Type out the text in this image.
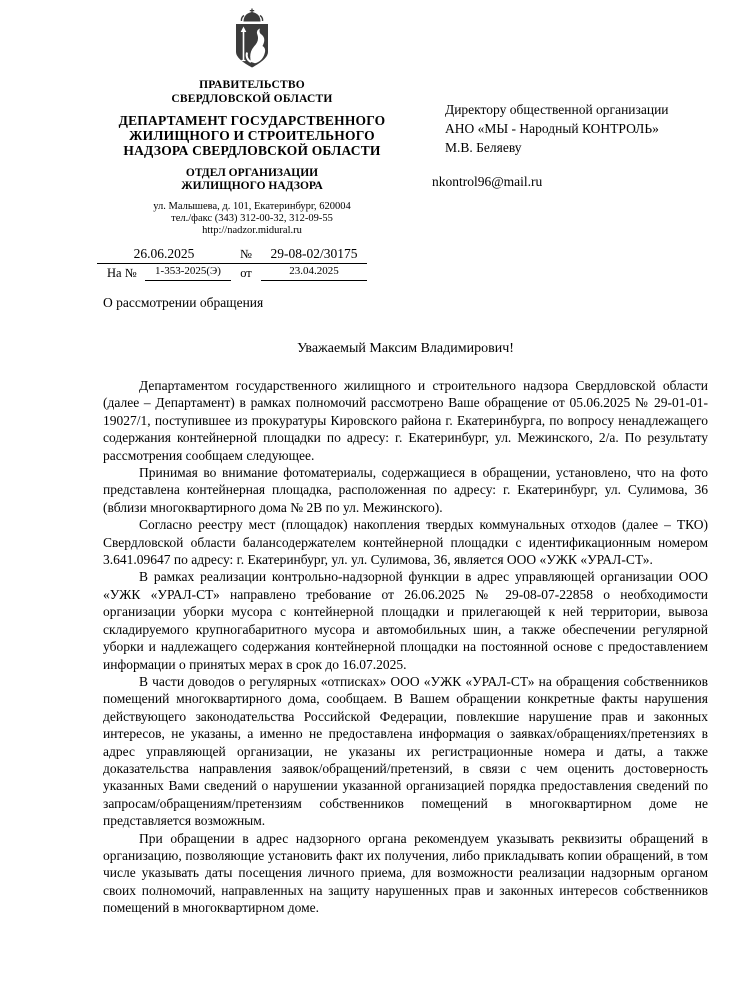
ПРАВИТЕЛЬСТВО
СВЕРДЛОВСКОЙ ОБЛАСТИ
ДЕПАРТАМЕНТ ГОСУДАРСТВЕННОГО
ЖИЛИЩНОГО И СТРОИТЕЛЬНОГО
НАДЗОРА СВЕРДЛОВСКОЙ ОБЛАСТИ
ОТДЕЛ ОРГАНИЗАЦИИ
ЖИЛИЩНОГО НАДЗОРА
ул. Малышева, д. 101, Екатеринбург, 620004
тел./факс (343) 312-00-32, 312-09-55
http://nadzor.midural.ru
Директору общественной организации
АНО «МЫ - Народный КОНТРОЛЬ»
М.В. Беляеву
nkontrol96@mail.ru
26.06.2025	№	29-08-02/30175
На №	1-353-2025(Э)	от	23.04.2025
О рассмотрении обращения
Уважаемый Максим Владимирович!

Департаментом государственного жилищного и строительного надзора Свердловской области (далее – Департамент) в рамках полномочий рассмотрено Ваше обращение от 05.06.2025 № 29-01-01-19027/1, поступившее из прокуратуры Кировского района г. Екатеринбурга, по вопросу ненадлежащего содержания контейнерной площадки по адресу: г. Екатеринбург, ул. Межинского, 2/а. По результату рассмотрения сообщаем следующее.

Принимая во внимание фотоматериалы, содержащиеся в обращении, установлено, что на фото представлена контейнерная площадка, расположенная по адресу: г. Екатеринбург, ул. Сулимова, 36 (вблизи многоквартирного дома № 2В по ул. Межинского).

Согласно реестру мест (площадок) накопления твердых коммунальных отходов (далее – ТКО) Свердловской области балансодержателем контейнерной площадки с идентификационным номером 3.641.09647 по адресу: г. Екатеринбург, ул. ул. Сулимова, 36, является ООО «УЖК «УРАЛ-СТ».

В рамках реализации контрольно-надзорной функции в адрес управляющей организации ООО «УЖК «УРАЛ-СТ» направлено требование от 26.06.2025 № 29-08-07-22858 о необходимости организации уборки мусора с контейнерной площадки и прилегающей к ней территории, вывоза складируемого крупногабаритного мусора и автомобильных шин, а также обеспечении регулярной уборки и надлежащего содержания контейнерной площадки на постоянной основе с предоставлением информации о принятых мерах в срок до 16.07.2025.

В части доводов о регулярных «отписках» ООО «УЖК «УРАЛ-СТ» на обращения собственников помещений многоквартирного дома, сообщаем. В Вашем обращении конкретные факты нарушения действующего законодательства Российской Федерации, повлекшие нарушение прав и законных интересов, не указаны, а именно не предоставлена информация о заявках/обращениях/претензиях в адрес управляющей организации, не указаны их регистрационные номера и даты, а также доказательства направления заявок/обращений/претензий, в связи с чем оценить достоверность указанных Вами сведений о нарушении указанной организацией порядка предоставления сведений по запросам/обращениям/претензиям собственников помещений в многоквартирном доме не представляется возможным.

При обращении в адрес надзорного органа рекомендуем указывать реквизиты обращений в организацию, позволяющие установить факт их получения, либо прикладывать копии обращений, в том числе указывать даты посещения личного приема, для возможности реализации надзорным органом своих полномочий, направленных на защиту нарушенных прав и законных интересов собственников помещений в многоквартирном доме.
